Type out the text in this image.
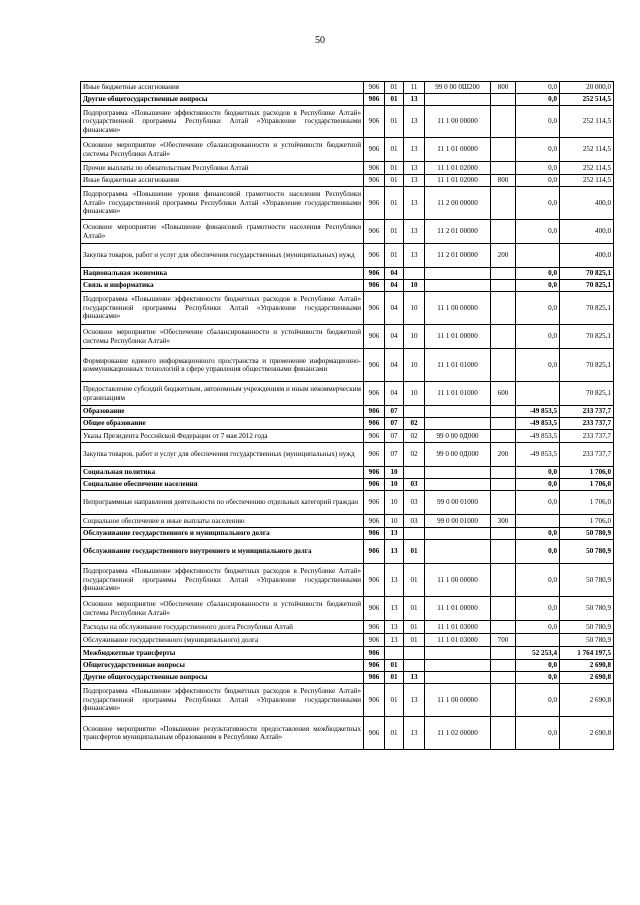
50
Иные бюджетные ассигнования	906	01	11	99 0 00 0Ш200	800	0,0	20 000,0
Другие общегосударственные вопросы	906	01	13			0,0	252 514,5
Подпрограмма «Повышение эффективности бюджетных расходов в Республике Алтай» государственной программы Республики Алтай «Управление государственными финансами»	906	01	13	11 1 00 00000		0,0	252 114,5
Основное мероприятие «Обеспечение сбалансированности и устойчивости бюджетной системы Республики Алтай»	906	01	13	11 1 01 00000		0,0	252 114,5
Прочие выплаты по обязательствам Республики Алтай	906	01	13	11 1 01 02000		0,0	252 114,5
Иные бюджетные ассигнования	906	01	13	11 1 01 02000	800	0,0	252 114,5
Подпрограмма «Повышение уровня финансовой грамотности населения Республики Алтай» государственной программы Республики Алтай «Управление государственными финансами»	906	01	13	11 2 00 00000		0,0	400,0
Основное мероприятие «Повышение финансовой грамотности населения Республики Алтай»	906	01	13	11 2 01 00000		0,0	400,0
Закупка товаров, работ и услуг для обеспечения государственных (муниципальных) нужд	906	01	13	11 2 01 00000	200		400,0
Национальная экономика	906	04				0,0	70 825,1
Связь и информатика	906	04	10			0,0	70 825,1
Подпрограмма «Повышение эффективности бюджетных расходов в Республике Алтай» государственной программы Республики Алтай «Управление государственными финансами»	906	04	10	11 1 00 00000		0,0	70 825,1
Основное мероприятие «Обеспечение сбалансированности и устойчивости бюджетной системы Республики Алтай»	906	04	10	11 1 01 00000		0,0	70 825,1
Формирование единого информационного пространства и применение информационно-коммуникационных технологий в сфере управления общественными финансами	906	04	10	11 1 01 01000		0,0	70 825,1
Предоставление субсидий бюджетным, автономным учреждениям и иным некоммерческим организациям	906	04	10	11 1 01 01000	600		70 825,1
Образование	906	07				-49 853,5	233 737,7
Общее образование	906	07	02			-49 853,5	233 737,7
Указы Президента Российской Федерации от 7 мая 2012 года	906	07	02	99 0 00 0Д000		-49 853,5	233 737,7
Закупка товаров, работ и услуг для обеспечения государственных (муниципальных) нужд	906	07	02	99 0 00 0Д000	200	-49 853,5	233 737,7
Социальная политика	906	10				0,0	1 706,0
Социальное обеспечение населения	906	10	03			0,0	1 706,0
Непрограммные направления деятельности по обеспечению отдельных категорий граждан	906	10	03	99 0 00 01000		0,0	1 706,0
Социальное обеспечение и иные выплаты населению	906	10	03	99 0 00 01000	300		1 706,0
Обслуживание государственного и муниципального долга	906	13				0,0	50 780,9
Обслуживание государственного внутреннего и муниципального долга	906	13	01			0,0	50 780,9
Подпрограмма «Повышение эффективности бюджетных расходов в Республике Алтай» государственной программы Республики Алтай «Управление государственными финансами»	906	13	01	11 1 00 00000		0,0	50 780,9
Основное мероприятие «Обеспечение сбалансированности и устойчивости бюджетной системы Республики Алтай»	906	13	01	11 1 01 00000		0,0	50 780,9
Расходы на обслуживание государственного долга Республики Алтай	906	13	01	11 1 01 03000		0,0	50 780,9
Обслуживание государственного (муниципального) долга	906	13	01	11 1 01 03000	700		50 780,9
Межбюджетные трансферты	906					52 253,4	1 764 197,5
Общегосударственные вопросы	906	01				0,0	2 690,8
Другие общегосударственные вопросы	906	01	13			0,0	2 690,8
Подпрограмма «Повышение эффективности бюджетных расходов в Республике Алтай» государственной программы Республики Алтай «Управление государственными финансами»	906	01	13	11 1 00 00000		0,0	2 690,8
Основное мероприятие «Повышение результативности предоставления межбюджетных трансфертов муниципальным образованиям в Республике Алтай»	906	01	13	11 1 02 00000		0,0	2 690,8
